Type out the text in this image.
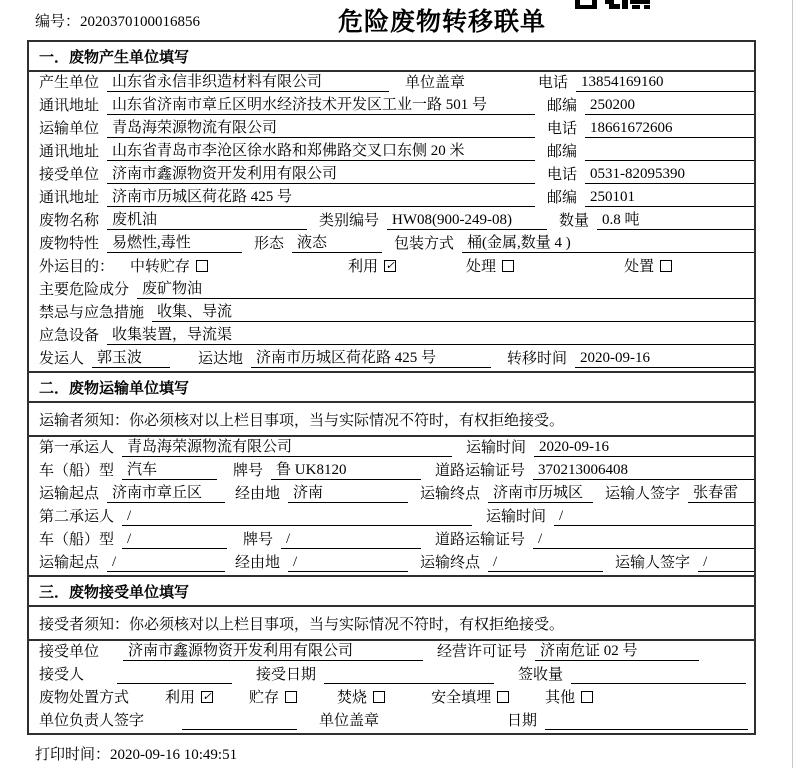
编号：2020370100016856	危险废物转移联单
一．废物产生单位填写
产生单位 山东省永信非织造材料有限公司	单位盖章	电话 13854169160
通讯地址 山东省济南市章丘区明水经济技术开发区工业一路 501 号	邮编 250200
运输单位 青岛海荣源物流有限公司	电话 18661672606
通讯地址 山东省青岛市李沧区徐水路和郑佛路交叉口东侧 20 米	邮编
接受单位 济南市鑫源物资开发利用有限公司	电话 0531-82095390
通讯地址 济南市历城区荷花路 425 号	邮编 250101
废物名称 废机油	类别编号 HW08(900-249-08)	数量 0.8 吨
废物特性 易燃性,毒性	形态 液态	包装方式 桶(金属,数量 4 )
外运目的：	中转贮存	利用 ✓	处理	处置
主要危险成分 废矿物油
禁忌与应急措施 收集、导流
应急设备 收集装置，导流渠
发运人 郭玉波	运达地 济南市历城区荷花路 425 号	转移时间 2020-09-16
二．废物运输单位填写
运输者须知：你必须核对以上栏目事项，当与实际情况不符时，有权拒绝接受。
第一承运人 青岛海荣源物流有限公司	运输时间 2020-09-16
车（船）型 汽车	牌号 鲁 UK8120	道路运输证号 370213006408
运输起点 济南市章丘区	经由地 济南	运输终点 济南市历城区	运输人签字 张春雷
第二承运人 /	运输时间 /
车（船）型 /	牌号 /	道路运输证号 /
运输起点 /	经由地 /	运输终点 /	运输人签字 /
三．废物接受单位填写
接受者须知：你必须核对以上栏目事项，当与实际情况不符时，有权拒绝接受。
接受单位	济南市鑫源物资开发利用有限公司	经营许可证号 济南危证 02 号
接受人	接受日期	签收量
废物处置方式	利用 ✓ 贮存	焚烧	安全填埋	其他
单位负责人签字	单位盖章	日期
打印时间：2020-09-16 10:49:51
